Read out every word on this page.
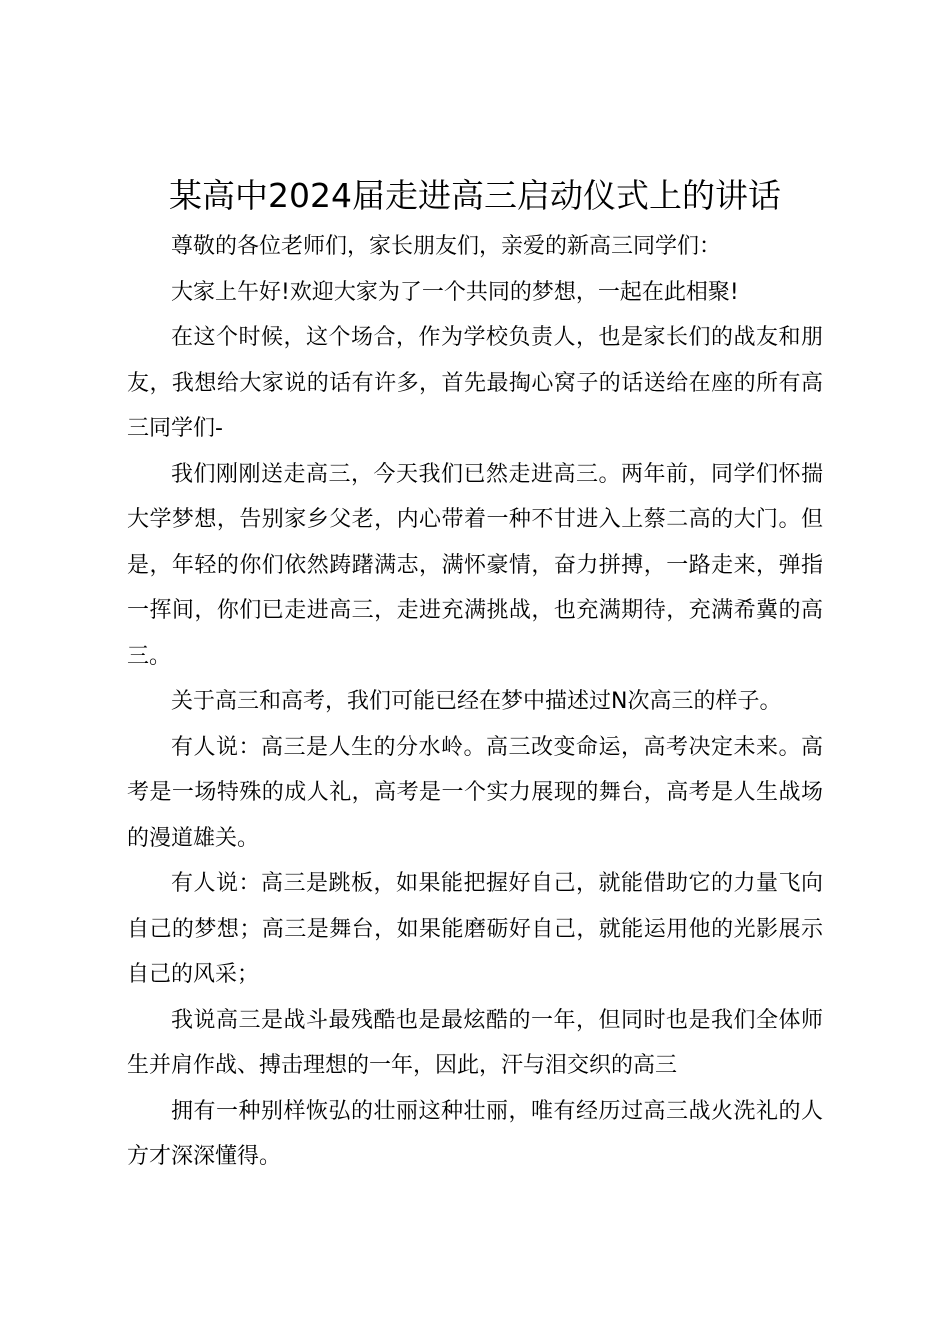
某高中2024届走进高三启动仪式上的讲话

尊敬的各位老师们，家长朋友们，亲爱的新高三同学们：

大家上午好!欢迎大家为了一个共同的梦想，一起在此相聚!

在这个时候，这个场合，作为学校负责人，也是家长们的战友和朋友，我想给大家说的话有许多，首先最掏心窝子的话送给在座的所有高三同学们-

我们刚刚送走高三，今天我们已然走进高三。两年前，同学们怀揣大学梦想，告别家乡父老，内心带着一种不甘进入上蔡二高的大门。但是，年轻的你们依然踌躇满志，满怀豪情，奋力拼搏，一路走来，弹指一挥间，你们已走进高三，走进充满挑战，也充满期待，充满希冀的高三。

关于高三和高考，我们可能已经在梦中描述过N次高三的样子。

有人说：高三是人生的分水岭。高三改变命运，高考决定未来。高考是一场特殊的成人礼，高考是一个实力展现的舞台，高考是人生战场的漫道雄关。

有人说：高三是跳板，如果能把握好自己，就能借助它的力量飞向自己的梦想；高三是舞台，如果能磨砺好自己，就能运用他的光影展示自己的风采；

我说高三是战斗最残酷也是最炫酷的一年，但同时也是我们全体师生并肩作战、搏击理想的一年，因此，汗与泪交织的高三

拥有一种别样恢弘的壮丽这种壮丽，唯有经历过高三战火洗礼的人方才深深懂得。
